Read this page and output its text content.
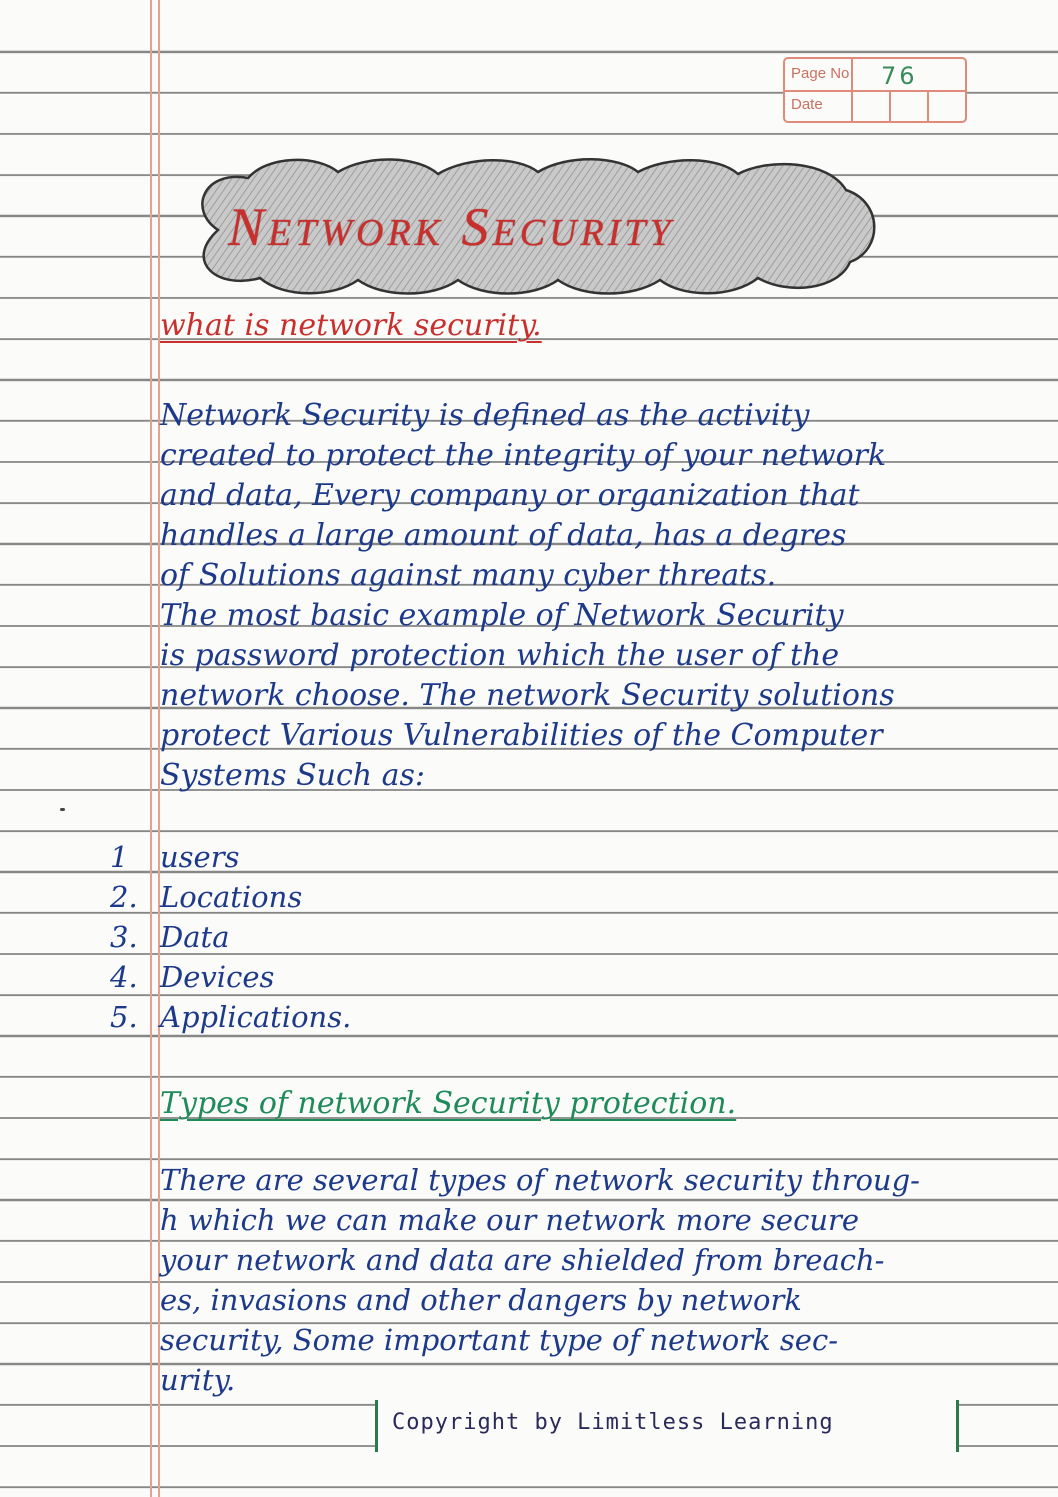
Page No 76
Date
Network Security
what is network security.
Network Security is defined as the activity
created to protect the integrity of your network
and data, Every company or organization that
handles a large amount of data, has a degres
of Solutions against many cyber threats.
The most basic example of Network Security
is password protection which the user of the
network choose. The network Security solutions
protect Various Vulnerabilities of the Computer
Systems Such as:
1 users
2. Locations
3. Data
4. Devices
5. Applications.
Types of network Security protection.
There are several types of network security throug-
h which we can make our network more secure
your network and data are shielded from breach-
es, invasions and other dangers by network
security, Some important type of network sec-
urity.
Copyright by Limitless Learning
